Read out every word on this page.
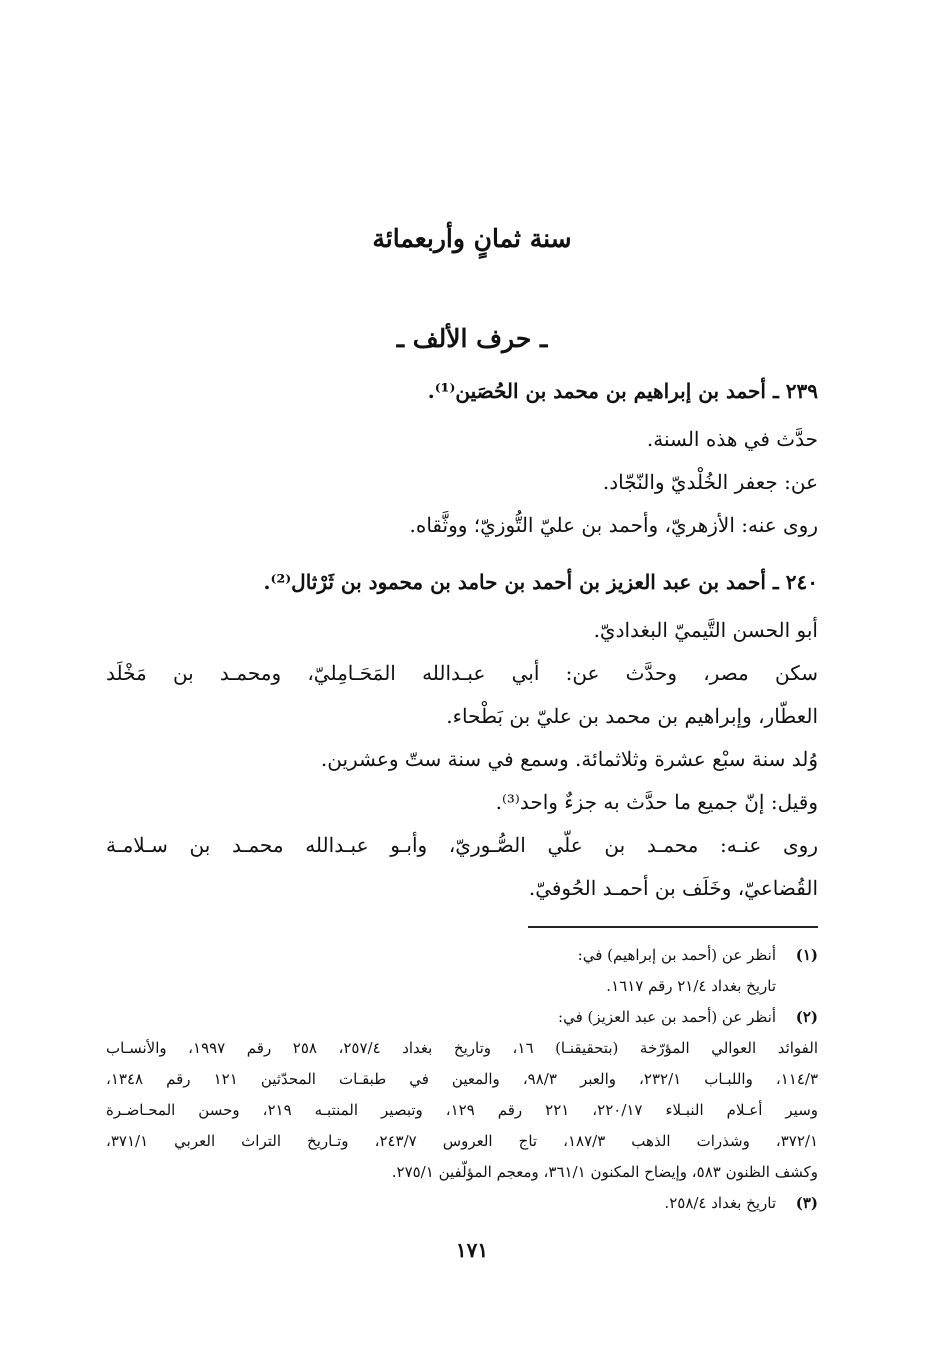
سنة ثمانٍ وأربعمائة
ـ حرف الألف ـ
٢٣٩ ـ أحمد بن إبراهيم بن محمد بن الحُصَين⁽¹⁾.
حدَّث في هذه السنة.
عن: جعفر الخُلْديّ والنّجّاد.
روى عنه: الأزهريّ، وأحمد بن عليّ التُّوزيّ؛ ووثَّقاه.
٢٤٠ ـ أحمد بن عبد العزيز بن أحمد بن حامد بن محمود بن ثَرْثال⁽²⁾.
أبو الحسن التَّيميّ البغداديّ.
سكن مصر، وحدَّث عن: أبي عبـدالله المَحَـامِليّ، ومحمـد بن مَخْلَد
العطّار، وإبراهيم بن محمد بن عليّ بن بَطْحاء.
وُلد سنة سبْع عشرة وثلاثمائة. وسمع في سنة ستّ وعشرين.
وقيل: إنّ جميع ما حدَّث به جزءٌ واحد⁽³⁾.
روى عنـه: محمـد بن علّي الصُّـوريّ، وأبـو عبـدالله محمـد بن سـلامـة
القُضاعيّ، وخَلَف بن أحمـد الحُوفيّ.
(١)أنظر عن (أحمد بن إبراهيم) في:
تاريخ بغداد ٢١/٤ رقم ١٦١٧.
(٢)أنظر عن (أحمد بن عبد العزيز) في:
الفوائد العوالي المؤرّخة (بتحقيقنـا) ١٦، وتاريخ بغداد ٢٥٧/٤، ٢٥٨ رقم ١٩٩٧، والأنسـاب
١١٤/٣، واللبـاب ٢٣٢/١، والعبر ٩٨/٣، والمعين في طبقـات المحدّثين ١٢١ رقم ١٣٤٨،
وسير أعـلام النبـلاء ٢٢٠/١٧، ٢٢١ رقم ١٢٩، وتبصير المنتبـه ٢١٩، وحسن المحـاضـرة
٣٧٢/١، وشذرات الذهب ١٨٧/٣، تاج العروس ٢٤٣/٧، وتـاريخ التراث العربي ٣٧١/١،
وكشف الظنون ٥٨٣، وإيضاح المكنون ٣٦١/١، ومعجم المؤلّفين ٢٧٥/١.
(٣)تاريخ بغداد ٢٥٨/٤.
١٧١
